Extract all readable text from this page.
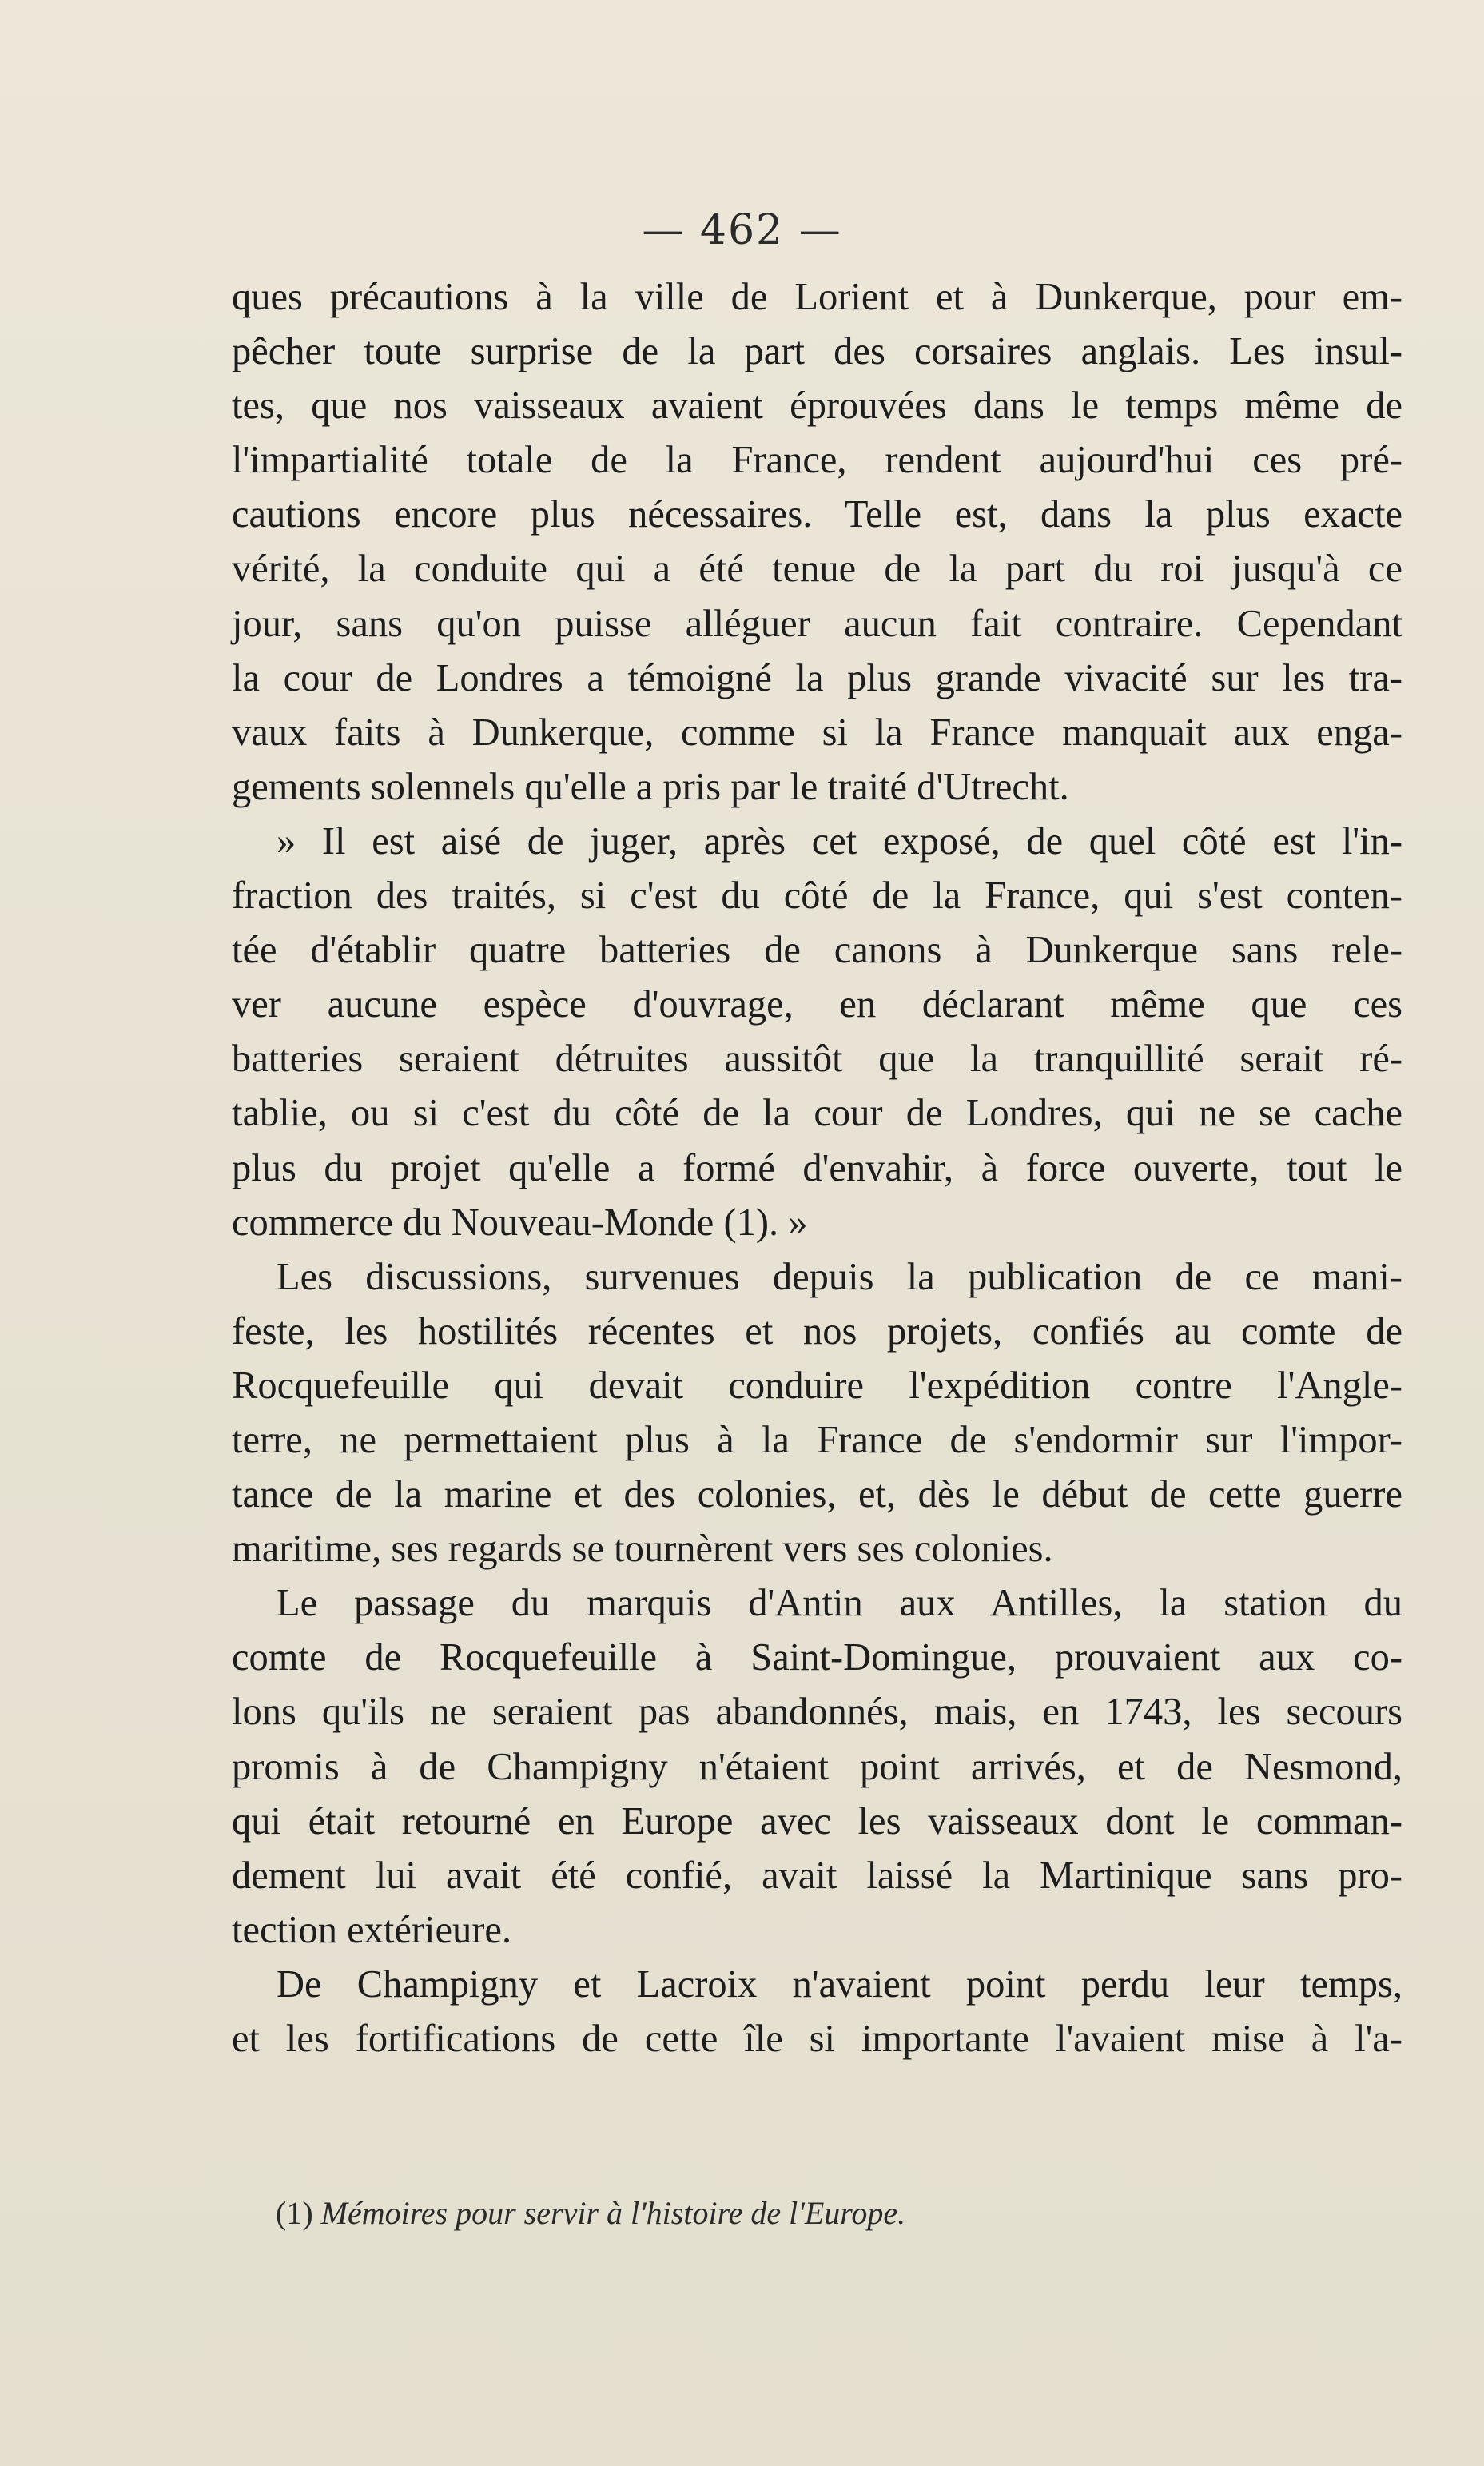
— 462 —
ques précautions à la ville de Lorient et à Dunkerque, pour em-
pêcher toute surprise de la part des corsaires anglais. Les insul-
tes, que nos vaisseaux avaient éprouvées dans le temps même de
l'impartialité totale de la France, rendent aujourd'hui ces pré-
cautions encore plus nécessaires. Telle est, dans la plus exacte
vérité, la conduite qui a été tenue de la part du roi jusqu'à ce
jour, sans qu'on puisse alléguer aucun fait contraire. Cependant
la cour de Londres a témoigné la plus grande vivacité sur les tra-
vaux faits à Dunkerque, comme si la France manquait aux enga-
gements solennels qu'elle a pris par le traité d'Utrecht.
» Il est aisé de juger, après cet exposé, de quel côté est l'in-
fraction des traités, si c'est du côté de la France, qui s'est conten-
tée d'établir quatre batteries de canons à Dunkerque sans rele-
ver aucune espèce d'ouvrage, en déclarant même que ces
batteries seraient détruites aussitôt que la tranquillité serait ré-
tablie, ou si c'est du côté de la cour de Londres, qui ne se cache
plus du projet qu'elle a formé d'envahir, à force ouverte, tout le
commerce du Nouveau-Monde (1). »
Les discussions, survenues depuis la publication de ce mani-
feste, les hostilités récentes et nos projets, confiés au comte de
Rocquefeuille qui devait conduire l'expédition contre l'Angle-
terre, ne permettaient plus à la France de s'endormir sur l'impor-
tance de la marine et des colonies, et, dès le début de cette guerre
maritime, ses regards se tournèrent vers ses colonies.
Le passage du marquis d'Antin aux Antilles, la station du
comte de Rocquefeuille à Saint-Domingue, prouvaient aux co-
lons qu'ils ne seraient pas abandonnés, mais, en 1743, les secours
promis à de Champigny n'étaient point arrivés, et de Nesmond,
qui était retourné en Europe avec les vaisseaux dont le comman-
dement lui avait été confié, avait laissé la Martinique sans pro-
tection extérieure.
De Champigny et Lacroix n'avaient point perdu leur temps,
et les fortifications de cette île si importante l'avaient mise à l'a-
(1) Mémoires pour servir à l'histoire de l'Europe.
